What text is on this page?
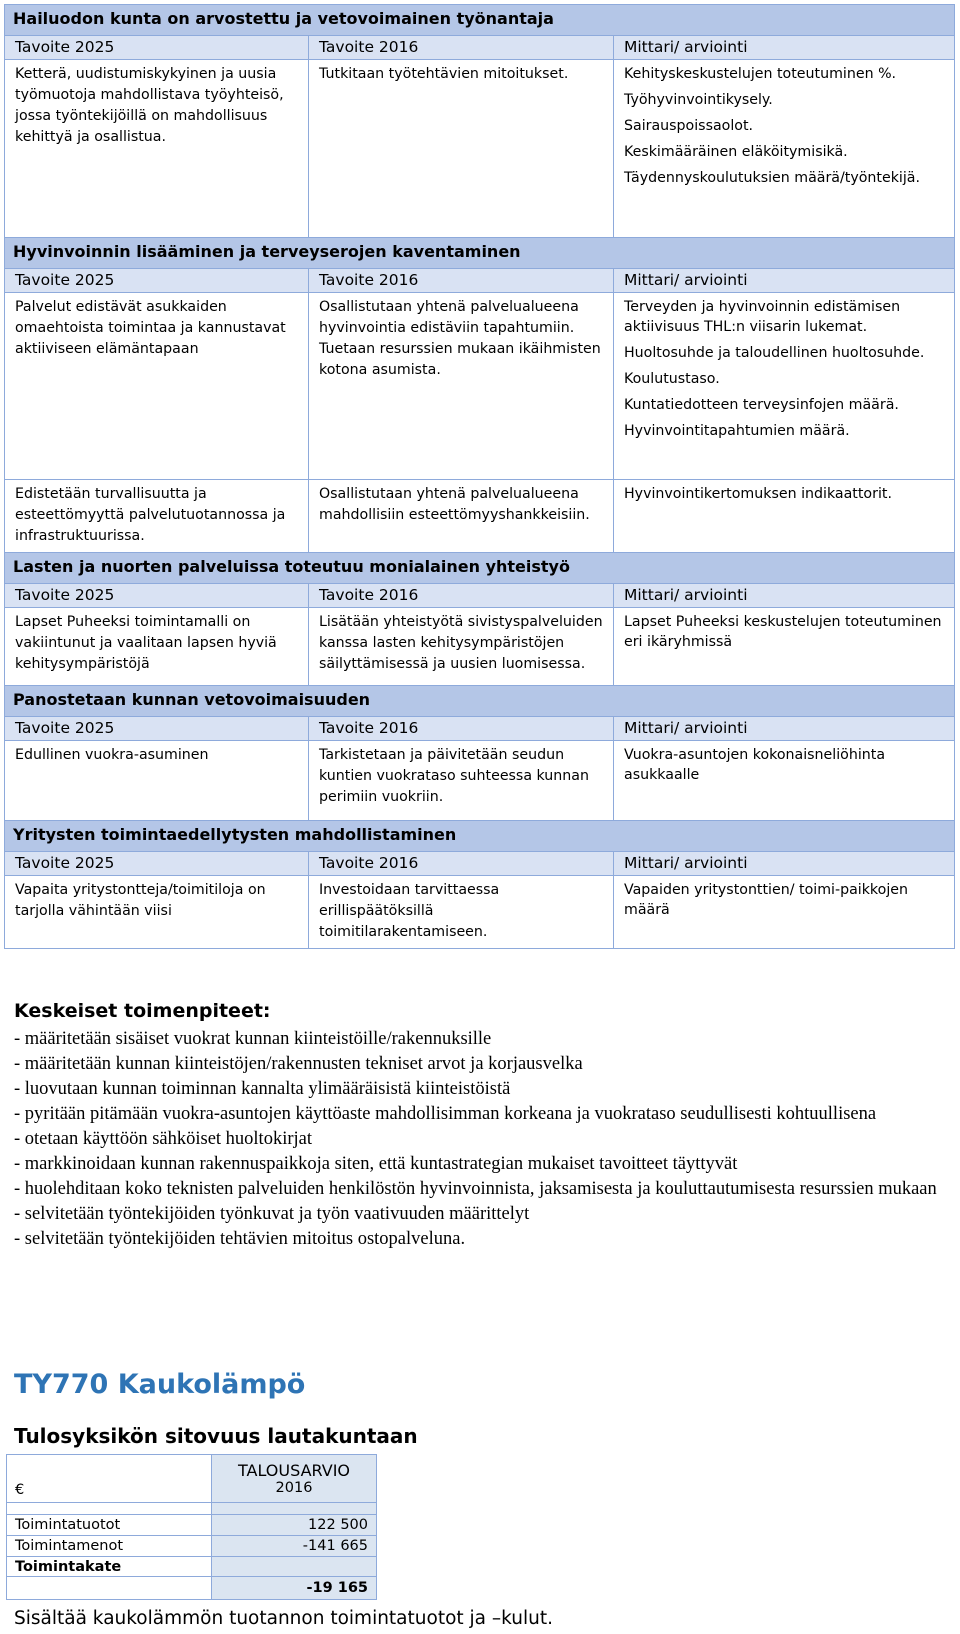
Hailuodon kunta on arvostettu ja vetovoimainen työnantaja		
Tavoite 2025	Tavoite 2016	Mittari/ arviointi
Ketterä, uudistumiskykyinen ja uusia työmuotoja mahdollistava työyhteisö, jossa työntekijöillä on mahdollisuus kehittyä ja osallistua.	Tutkitaan työtehtävien mitoitukset.	Kehityskeskustelujen toteutuminen %.
Työhyvinvointikysely.
Sairauspoissaolot.
Keskimääräinen eläköitymisikä.
Täydennyskoulutuksien määrä/työntekijä.

Hyvinvoinnin lisääminen ja terveyserojen kaventaminen		
Tavoite 2025	Tavoite 2016	Mittari/ arviointi
Palvelut edistävät asukkaiden omaehtoista toimintaa ja kannustavat aktiiviseen elämäntapaan	Osallistutaan yhtenä palvelualueena hyvinvointia edistäviin tapahtumiin. Tuetaan resurssien mukaan ikäihmisten kotona asumista.	Terveyden ja hyvinvoinnin edistämisen aktiivisuus THL:n viisarin lukemat.
Huoltosuhde ja taloudellinen huoltosuhde.
Koulutustaso.
Kuntatiedotteen terveysinfojen määrä.
Hyvinvointitapahtumien määrä.

Edistetään turvallisuutta ja esteettömyyttä palvelutuotannossa ja infrastruktuurissa.	Osallistutaan yhtenä palvelualueena mahdollisiin esteettömyyshankkeisiin.	Hyvinvointikertomuksen indikaattorit.

Lasten ja nuorten palveluissa toteutuu monialainen yhteistyö		
Tavoite 2025	Tavoite 2016	Mittari/ arviointi
Lapset Puheeksi toimintamalli on vakiintunut ja vaalitaan lapsen hyviä kehitysympäristöjä	Lisätään yhteistyötä sivistyspalveluiden kanssa lasten kehitysympäristöjen säilyttämisessä ja uusien luomisessa.	Lapset Puheeksi keskustelujen toteutuminen eri ikäryhmissä

Panostetaan kunnan vetovoimaisuuden		
Tavoite 2025	Tavoite 2016	Mittari/ arviointi
Edullinen vuokra-asuminen	Tarkistetaan ja päivitetään seudun kuntien vuokrataso suhteessa kunnan perimiin vuokriin.	Vuokra-asuntojen kokonaisneliöhinta asukkaalle

Yritysten toimintaedellytysten mahdollistaminen		
Tavoite 2025	Tavoite 2016	Mittari/ arviointi
Vapaita yritystontteja/toimitiloja on tarjolla vähintään viisi	Investoidaan tarvittaessa erillispäätöksillä toimitilarakentamiseen.	Vapaiden yritystonttien/ toimi-paikkojen määrä
Keskeiset toimenpiteet:
- määritetään sisäiset vuokrat kunnan kiinteistöille/rakennuksille
- määritetään kunnan kiinteistöjen/rakennusten tekniset arvot ja korjausvelka
- luovutaan kunnan toiminnan kannalta ylimääräisistä kiinteistöistä
- pyritään pitämään vuokra-asuntojen käyttöaste mahdollisimman korkeana ja vuokrataso seudullisesti kohtuullisena
- otetaan käyttöön sähköiset huoltokirjat
- markkinoidaan kunnan rakennuspaikkoja siten, että kuntastrategian mukaiset tavoitteet täyttyvät
- huolehditaan koko teknisten palveluiden henkilöstön hyvinvoinnista, jaksamisesta ja kouluttautumisesta resurssien mukaan
- selvitetään työntekijöiden työnkuvat ja työn vaativuuden määrittelyt
- selvitetään työntekijöiden tehtävien mitoitus ostopalveluna.
TY770 Kaukolämpö
Tulosyksikön sitovuus lautakuntaan
€	TALOUSARVIO
2016

Toimintatuotot	122 500
Toimintamenot	-141 665
Toimintakate	
	-19 165
Sisältää kaukolämmön tuotannon toimintatuotot ja –kulut.
